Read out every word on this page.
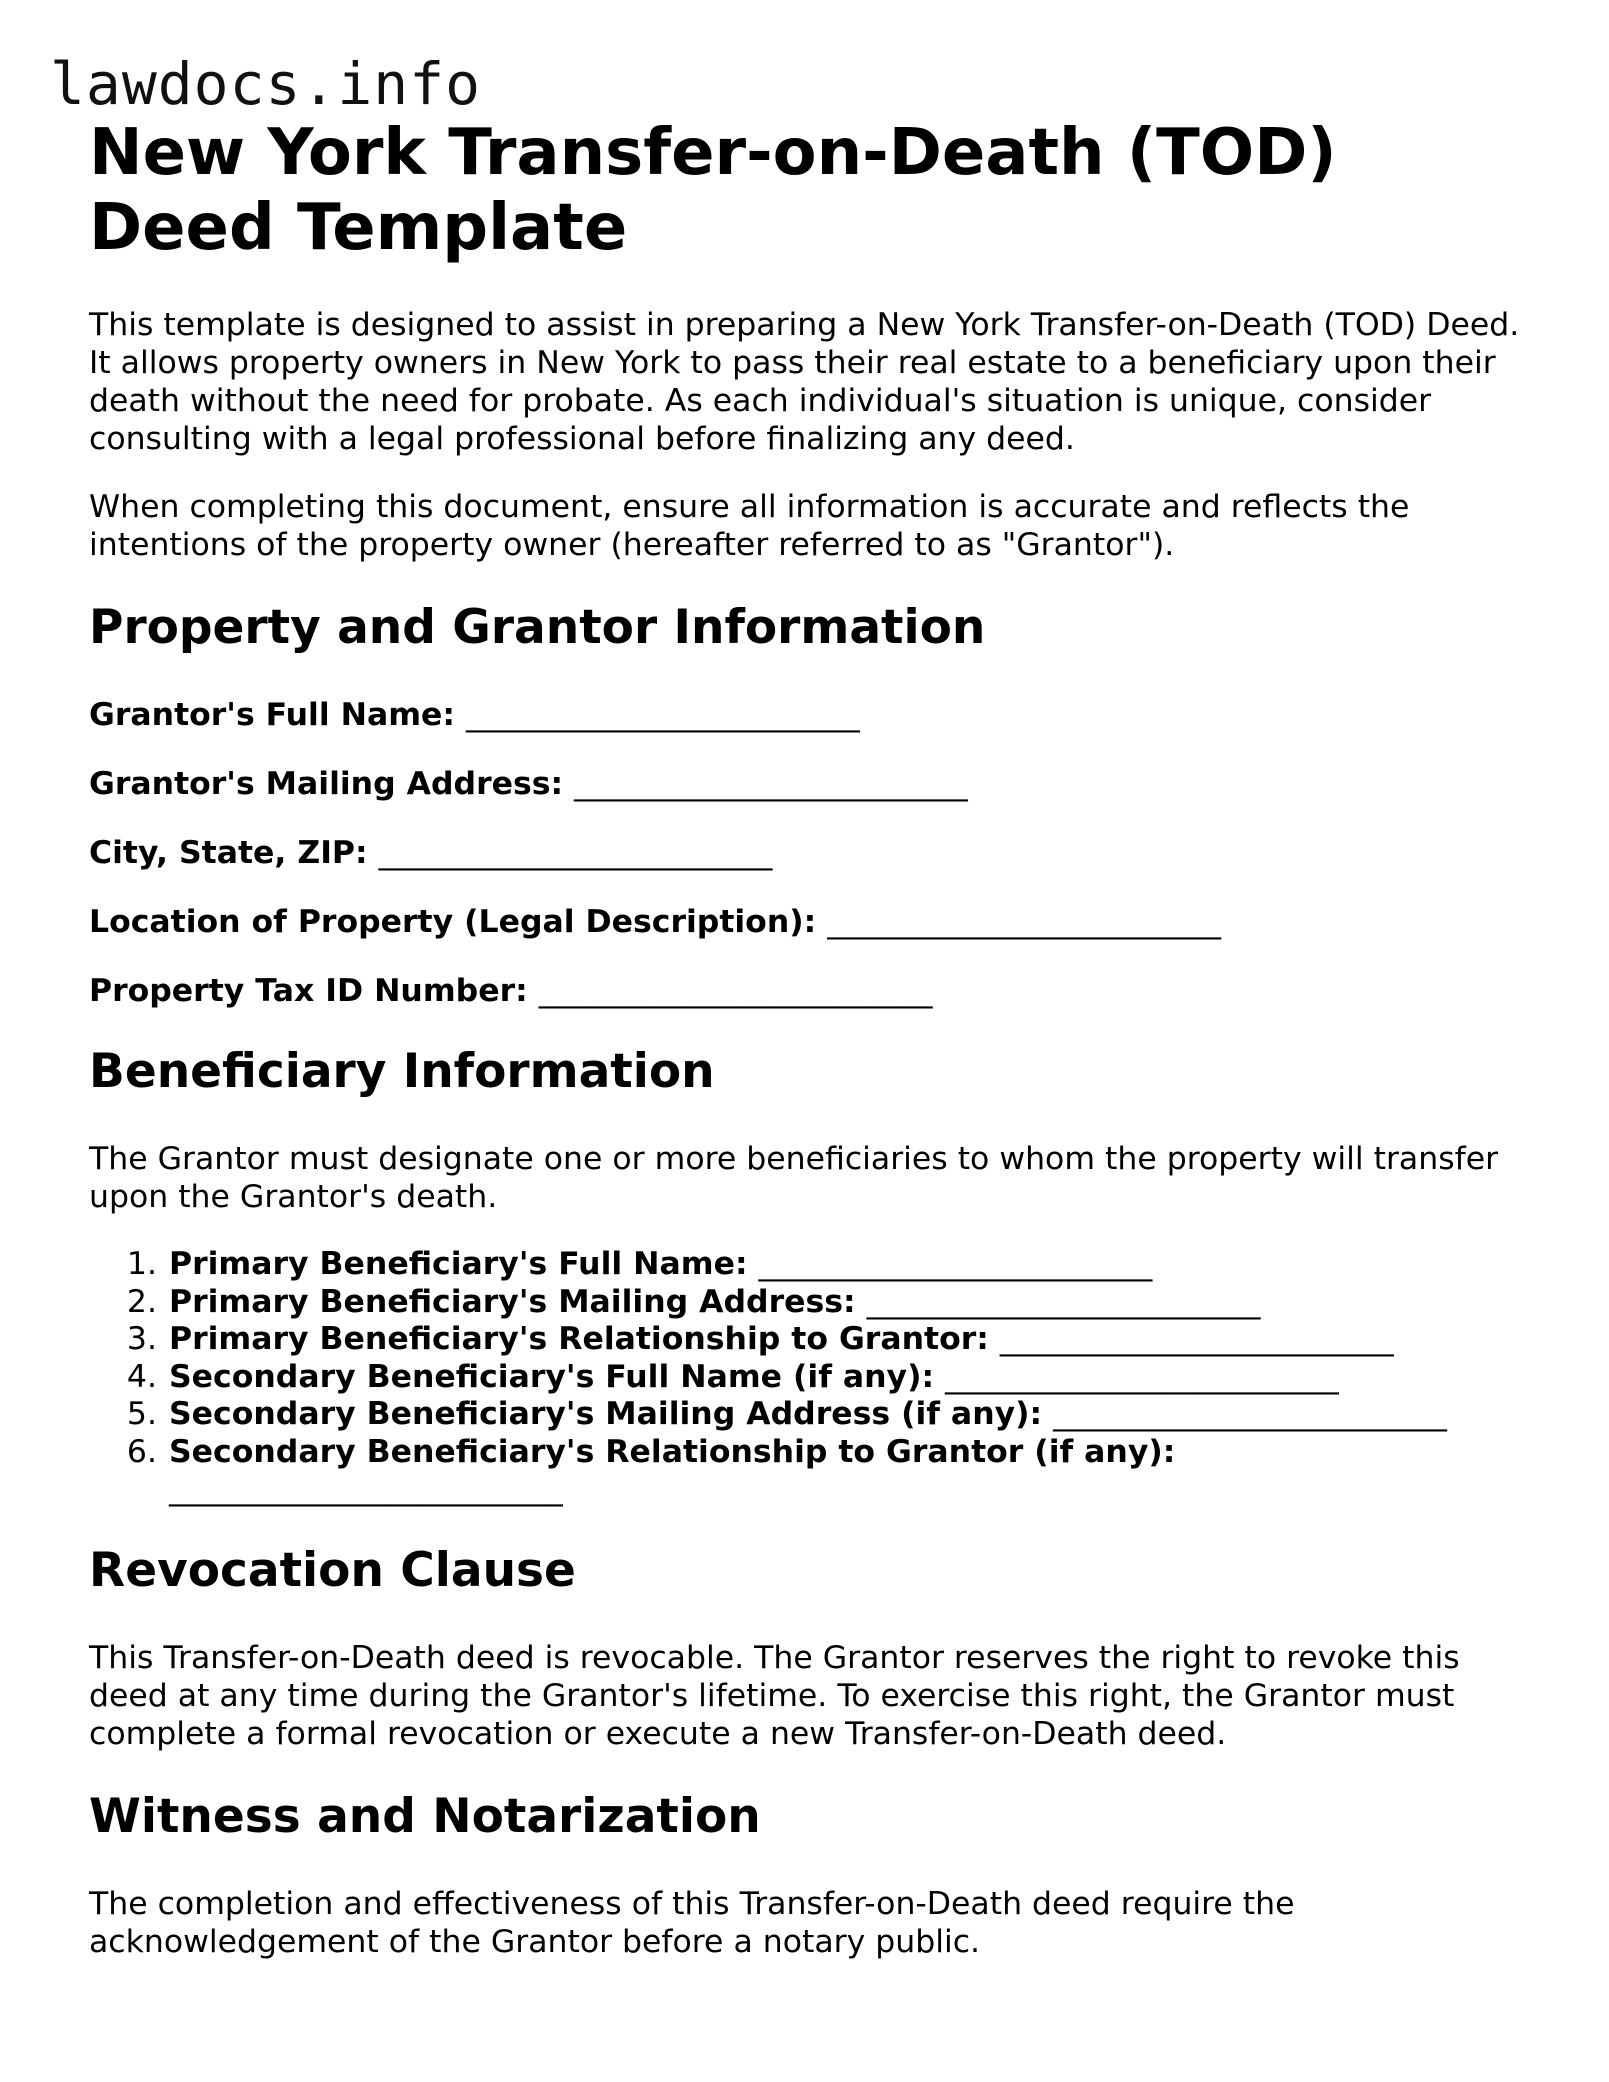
lawdocs.info
New York Transfer-on-Death (TOD) Deed Template

This template is designed to assist in preparing a New York Transfer-on-Death (TOD) Deed. It allows property owners in New York to pass their real estate to a beneficiary upon their death without the need for probate. As each individual's situation is unique, consider consulting with a legal professional before finalizing any deed.

When completing this document, ensure all information is accurate and reflects the intentions of the property owner (hereafter referred to as "Grantor").

Property and Grantor Information
Grantor's Full Name: _________________________
Grantor's Mailing Address: _________________________
City, State, ZIP: _________________________
Location of Property (Legal Description): _________________________
Property Tax ID Number: _________________________
Beneficiary Information

The Grantor must designate one or more beneficiaries to whom the property will transfer upon the Grantor's death.

1. Primary Beneficiary's Full Name: _________________________
2. Primary Beneficiary's Mailing Address: _________________________
3. Primary Beneficiary's Relationship to Grantor: _________________________
4. Secondary Beneficiary's Full Name (if any): _________________________
5. Secondary Beneficiary's Mailing Address (if any): _________________________
6. Secondary Beneficiary's Relationship to Grantor (if any):
_________________________
Revocation Clause

This Transfer-on-Death deed is revocable. The Grantor reserves the right to revoke this deed at any time during the Grantor's lifetime. To exercise this right, the Grantor must complete a formal revocation or execute a new Transfer-on-Death deed.

Witness and Notarization

The completion and effectiveness of this Transfer-on-Death deed require the acknowledgement of the Grantor before a notary public.
